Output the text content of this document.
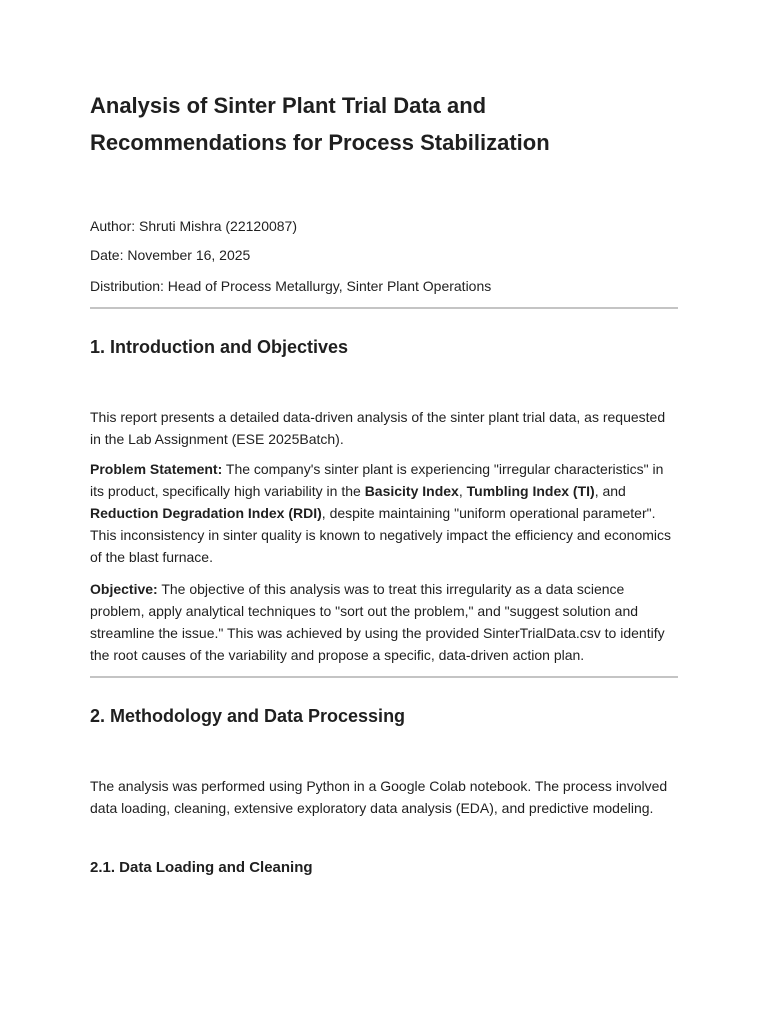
Analysis of Sinter Plant Trial Data and Recommendations for Process Stabilization
Author: Shruti Mishra (22120087)
Date: November 16, 2025
Distribution: Head of Process Metallurgy, Sinter Plant Operations
1. Introduction and Objectives

This report presents a detailed data-driven analysis of the sinter plant trial data, as requested in the Lab Assignment (ESE 2025Batch).

Problem Statement: The company's sinter plant is experiencing "irregular characteristics" in its product, specifically high variability in the Basicity Index, Tumbling Index (TI), and Reduction Degradation Index (RDI), despite maintaining "uniform operational parameter". This inconsistency in sinter quality is known to negatively impact the efficiency and economics of the blast furnace.

Objective: The objective of this analysis was to treat this irregularity as a data science problem, apply analytical techniques to "sort out the problem," and "suggest solution and streamline the issue." This was achieved by using the provided SinterTrialData.csv to identify the root causes of the variability and propose a specific, data-driven action plan.

2. Methodology and Data Processing

The analysis was performed using Python in a Google Colab notebook. The process involved data loading, cleaning, extensive exploratory data analysis (EDA), and predictive modeling.

2.1. Data Loading and Cleaning
